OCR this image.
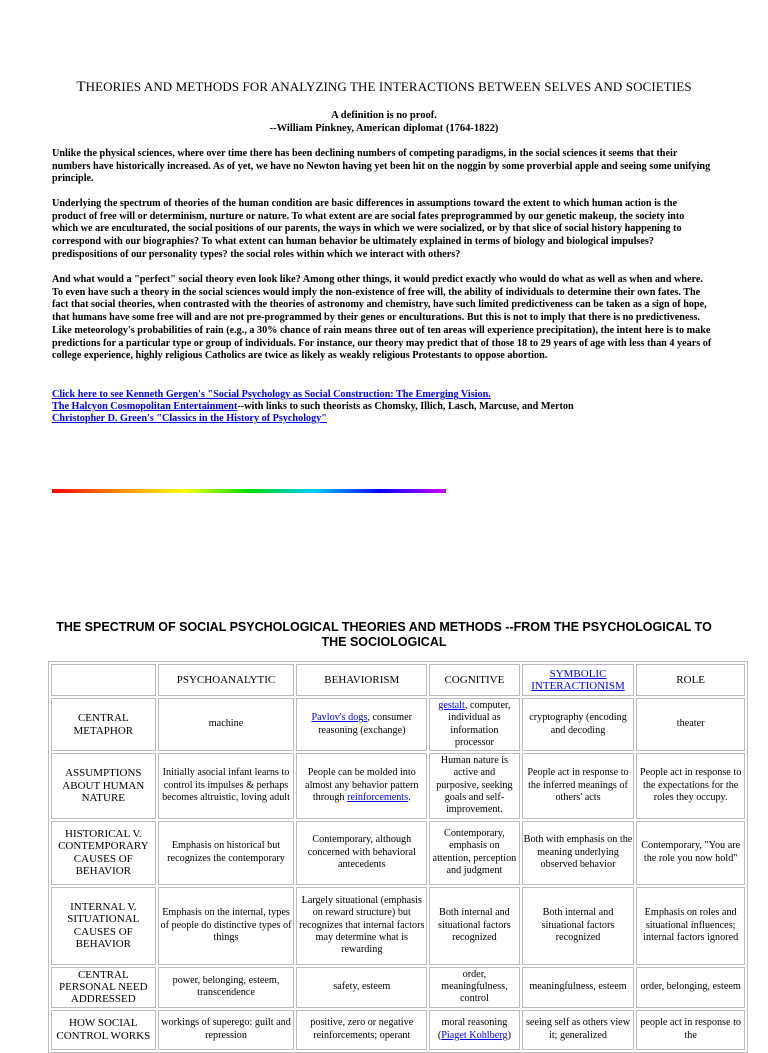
THEORIES AND METHODS FOR ANALYZING THE INTERACTIONS BETWEEN SELVES AND SOCIETIES
A definition is no proof.
--William Pinkney, American diplomat (1764-1822)

Unlike the physical sciences, where over time there has been declining numbers of competing paradigms, in the social sciences it seems that their numbers have historically increased. As of yet, we have no Newton having yet been hit on the noggin by some proverbial apple and seeing some unifying principle.

Underlying the spectrum of theories of the human condition are basic differences in assumptions toward the extent to which human action is the product of free will or determinism, nurture or nature. To what extent are are social fates preprogrammed by our genetic makeup, the society into which we are enculturated, the social positions of our parents, the ways in which we were socialized, or by that slice of social history happening to correspond with our biographies? To what extent can human behavior be ultimately explained in terms of biology and biological impulses? predispositions of our personality types? the social roles within which we interact with others?

And what would a "perfect" social theory even look like? Among other things, it would predict exactly who would do what as well as when and where. To even have such a theory in the social sciences would imply the non-existence of free will, the ability of individuals to determine their own fates. The fact that social theories, when contrasted with the theories of astronomy and chemistry, have such limited predictiveness can be taken as a sign of hope, that humans have some free will and are not pre-programmed by their genes or enculturations. But this is not to imply that there is no predictiveness. Like meteorology's probabilities of rain (e.g., a 30% chance of rain means three out of ten areas will experience precipitation), the intent here is to make predictions for a particular type or group of individuals. For instance, our theory may predict that of those 18 to 29 years of age with less than 4 years of college experience, highly religious Catholics are twice as likely as weakly religious Protestants to oppose abortion.

Click here to see Kenneth Gergen's "Social Psychology as Social Construction: The Emerging Vision.
The Halcyon Cosmopolitan Entertainment--with links to such theorists as Chomsky, Illich, Lasch, Marcuse, and Merton
Christopher D. Green's "Classics in the History of Psychology"
THE SPECTRUM OF SOCIAL PSYCHOLOGICAL THEORIES AND METHODS --FROM THE PSYCHOLOGICAL TO THE SOCIOLOGICAL
	PSYCHOANALYTIC	BEHAVIORISM	COGNITIVE	SYMBOLIC INTERACTIONISM	ROLE
CENTRAL METAPHOR	machine	Pavlov's dogs, consumer reasoning (exchange)	gestalt, computer, individual as information processor	cryptography (encoding and decoding	theater
ASSUMPTIONS ABOUT HUMAN NATURE	Initially asocial infant learns to control its impulses & perhaps becomes altruistic, loving adult	People can be molded into almost any behavior pattern through reinforcements.	Human nature is active and purposive, seeking goals and self-improvement.	People act in response to the inferred meanings of others' acts	People act in response to the expectations for the roles they occupy.
HISTORICAL V. CONTEMPORARY CAUSES OF BEHAVIOR	Emphasis on historical but recognizes the contemporary	Contemporary, although concerned with behavioral antecedents	Contemporary, emphasis on attention, perception and judgment	Both with emphasis on the meaning underlying observed behavior	Contemporary, "You are the role you now hold"
INTERNAL V. SITUATIONAL CAUSES OF BEHAVIOR	Emphasis on the internal, types of people do distinctive types of things	Largely situational (emphasis on reward structure) but recognizes that internal factors may determine what is rewarding	Both internal and situational factors recognized	Both internal and situational factors recognized	Emphasis on roles and situational influences; internal factors ignored
CENTRAL PERSONAL NEED ADDRESSED	power, belonging, esteem, transcendence	safety, esteem	order, meaningfulness, control	meaningfulness, esteem	order, belonging, esteem
HOW SOCIAL CONTROL WORKS	workings of superego: guilt and repression	positive, zero or negative reinforcements; operant	moral reasoning (Piaget Kohlberg)	seeing self as others view it; generalized	people act in response to the
